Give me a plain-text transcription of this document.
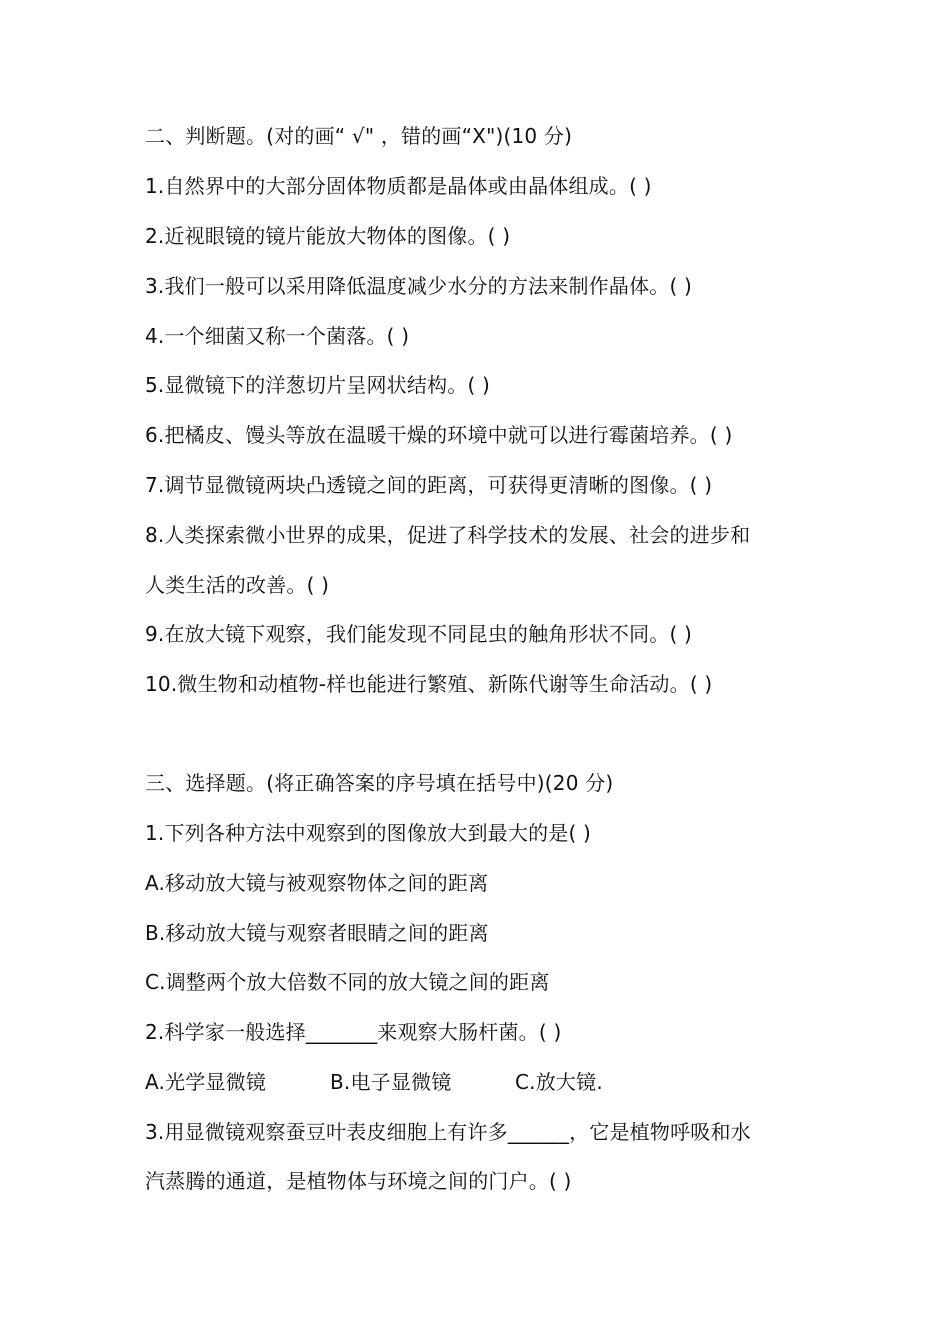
二、判断题。(对的画“ √" ，错的画“X")(10 分)
1.自然界中的大部分固体物质都是晶体或由晶体组成。( )
2.近视眼镜的镜片能放大物体的图像。( )
3.我们一般可以采用降低温度减少水分的方法来制作晶体。( )
4.一个细菌又称一个菌落。( )
5.显微镜下的洋葱切片呈网状结构。( )
6.把橘皮、馒头等放在温暖干燥的环境中就可以进行霉菌培养。( )
7.调节显微镜两块凸透镜之间的距离，可获得更清晰的图像。( )
8.人类探索微小世界的成果，促进了科学技术的发展、社会的进步和
人类生活的改善。( )
9.在放大镜下观察，我们能发现不同昆虫的触角形状不同。( )
10.微生物和动植物-样也能进行繁殖、新陈代谢等生命活动。( )
三、选择题。(将正确答案的序号填在括号中)(20 分)
1.下列各种方法中观察到的图像放大到最大的是( )
A.移动放大镜与被观察物体之间的距离
B.移动放大镜与观察者眼睛之间的距离
C.调整两个放大倍数不同的放大镜之间的距离
2.科学家一般选择_______来观察大肠杆菌。( )
A.光学显微镜	B.电子显微镜	C.放大镜.
3.用显微镜观察蚕豆叶表皮细胞上有许多______，它是植物呼吸和水
汽蒸腾的通道，是植物体与环境之间的门户。( )
